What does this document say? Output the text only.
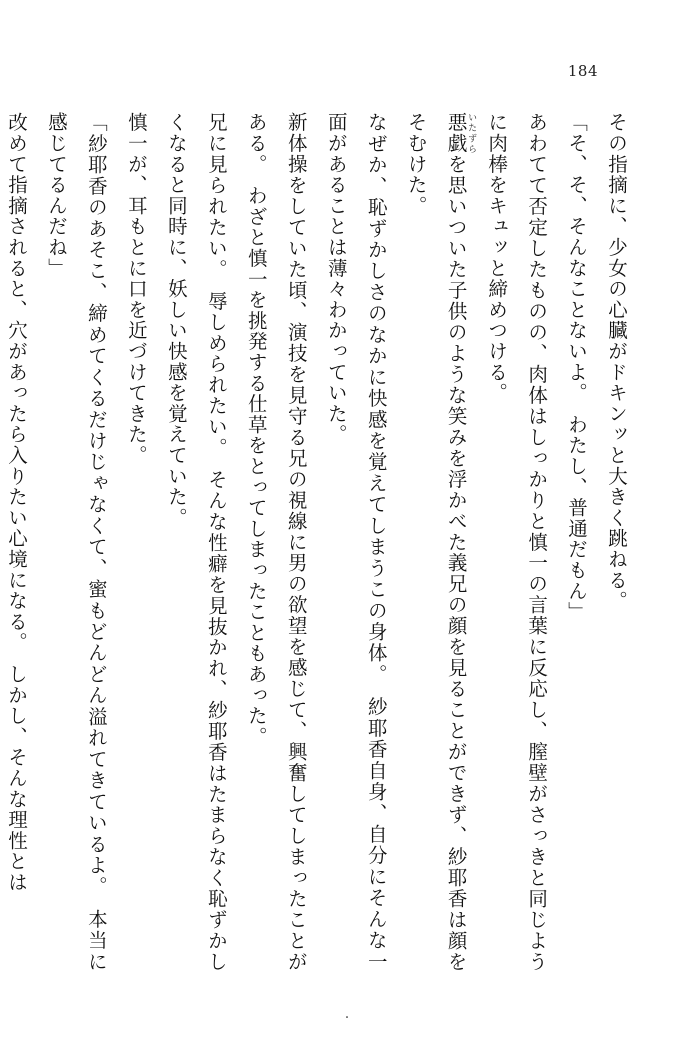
184

その指摘に、少女の心臓がドキンッと大きく跳ねる。

「そ、そ、そんなことないよ。　わたし、普通だもん」

あわてて否定したものの、肉体はしっかりと慎一の言葉に反応し、膣壁がさっきと同じように肉棒をキュッと締めつける。

悪戯いたずらを思いついた子供のような笑みを浮かべた義兄の顔を見ることができず、紗耶香は顔をそむけた。

なぜか、恥ずかしさのなかに快感を覚えてしまうこの身体。　紗耶香自身、自分にそんな一面があることは薄々わかっていた。

新体操をしていた頃、演技を見守る兄の視線に男の欲望を感じて、興奮してしまったことがある。　わざと慎一を挑発する仕草をとってしまったこともあった。

兄に見られたい。　辱しめられたい。　そんな性癖を見抜かれ、紗耶香はたまらなく恥ずかしくなると同時に、妖しい快感を覚えていた。

慎一が、耳もとに口を近づけてきた。

「紗耶香のあそこ、締めてくるだけじゃなくて、蜜もどんどん溢れてきているよ。　本当に感じてるんだね」

改めて指摘されると、穴があったら入りたい心境になる。　しかし、そんな理性とは

・
